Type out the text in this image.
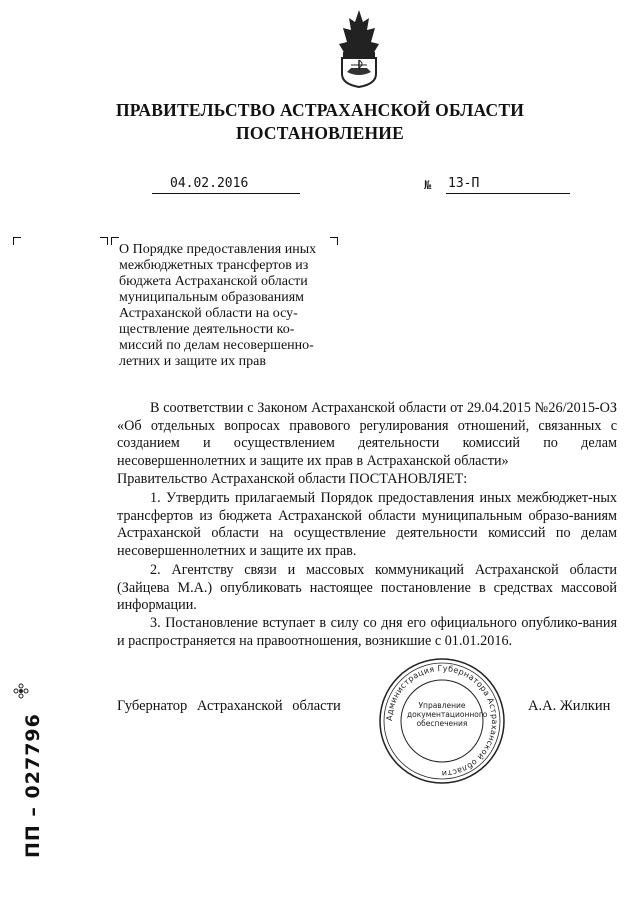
ПРАВИТЕЛЬСТВО АСТРАХАНСКОЙ ОБЛАСТИ
ПОСТАНОВЛЕНИЕ
04.02.2016	№ 13-П
О Порядке предоставления иных
межбюджетных трансфертов из
бюджета Астраханской области
муниципальным образованиям
Астраханской области на осу-
ществление деятельности ко-
миссий по делам несовершенно-
летних и защите их прав
В соответствии с Законом Астраханской области от 29.04.2015 №26/2015-ОЗ «Об отдельных вопросах правового регулирования отношений, связанных с созданием и осуществлением деятельности комиссий по делам несовершеннолетних и защите их прав в Астраханской области»
Правительство Астраханской области ПОСТАНОВЛЯЕТ:
1. Утвердить прилагаемый Порядок предоставления иных межбюджет-ных трансфертов из бюджета Астраханской области муниципальным образо-ваниям Астраханской области на осуществление деятельности комиссий по делам несовершеннолетних и защите их прав.
2. Агентству связи и массовых коммуникаций Астраханской области (Зайцева М.А.) опубликовать настоящее постановление в средствах массовой информации.
3. Постановление вступает в силу со дня его официального опублико-вания и распространяется на правоотношения, возникшие с 01.01.2016.
Губернатор Астраханской области	А.А. Жилкин
Администрация Губернатора Астраханской области
Управление документационного обеспечения
ПП – 027796
